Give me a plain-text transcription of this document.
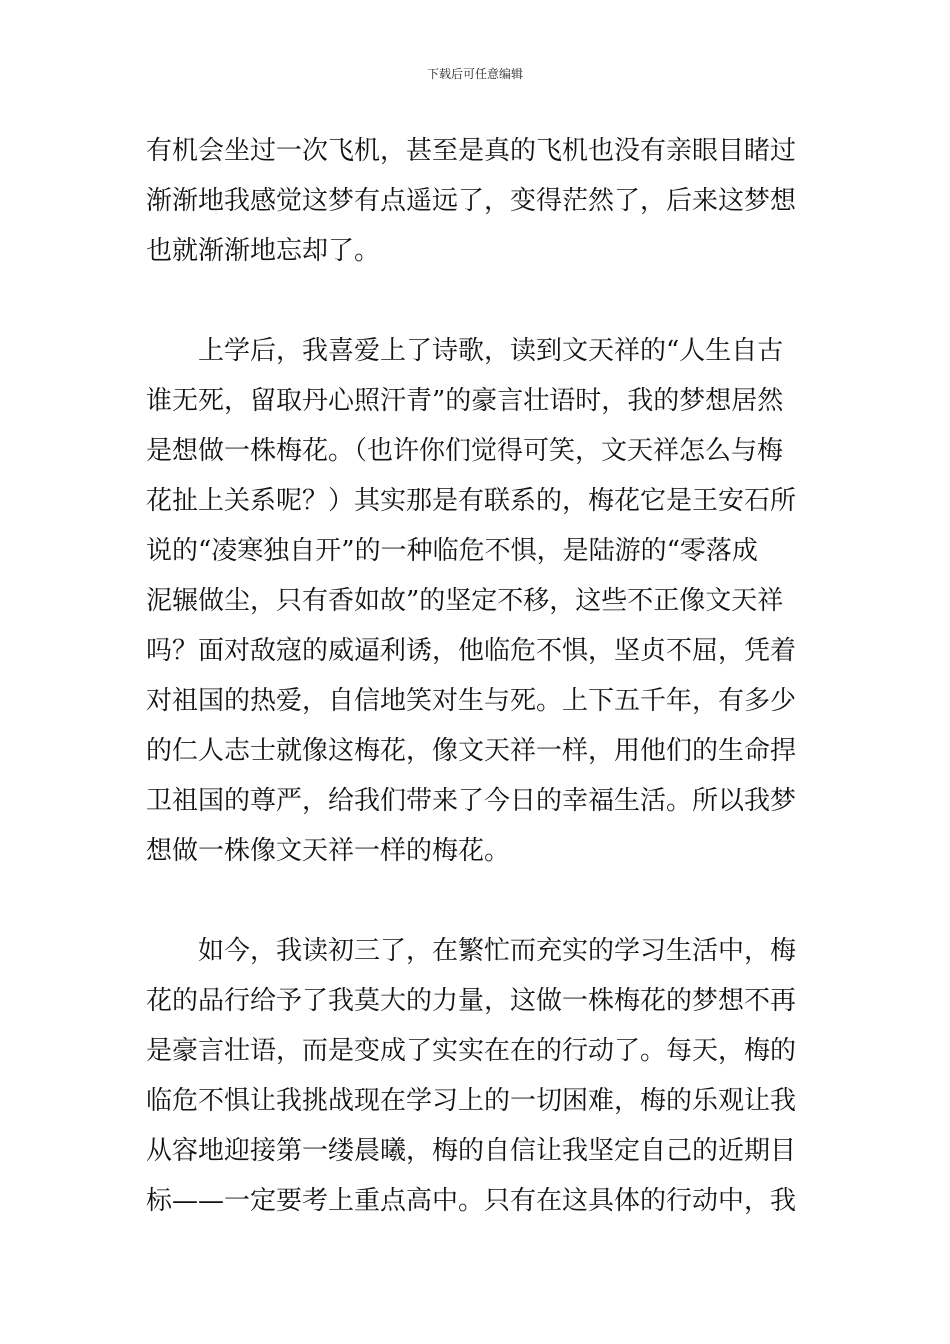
下载后可任意编辑
有机会坐过一次飞机，甚至是真的飞机也没有亲眼目睹过
渐渐地我感觉这梦有点遥远了，变得茫然了，后来这梦想
也就渐渐地忘却了。
　　上学后，我喜爱上了诗歌，读到文天祥的“人生自古
谁无死，留取丹心照汗青”的豪言壮语时，我的梦想居然
是想做一株梅花。（也许你们觉得可笑，文天祥怎么与梅
花扯上关系呢？）其实那是有联系的，梅花它是王安石所
说的“凌寒独自开”的一种临危不惧，是陆游的“零落成
泥辗做尘，只有香如故”的坚定不移，这些不正像文天祥
吗？面对敌寇的威逼利诱，他临危不惧，坚贞不屈，凭着
对祖国的热爱，自信地笑对生与死。上下五千年，有多少
的仁人志士就像这梅花，像文天祥一样，用他们的生命捍
卫祖国的尊严，给我们带来了今日的幸福生活。所以我梦
想做一株像文天祥一样的梅花。
　　如今，我读初三了，在繁忙而充实的学习生活中，梅
花的品行给予了我莫大的力量，这做一株梅花的梦想不再
是豪言壮语，而是变成了实实在在的行动了。每天，梅的
临危不惧让我挑战现在学习上的一切困难，梅的乐观让我
从容地迎接第一缕晨曦，梅的自信让我坚定自己的近期目
标——一定要考上重点高中。只有在这具体的行动中，我
